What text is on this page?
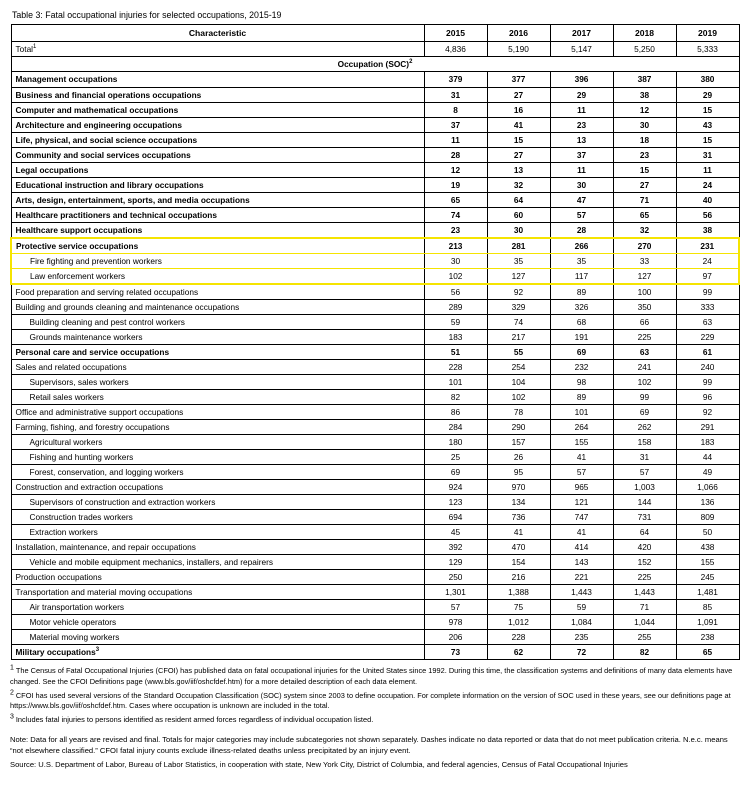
Table 3: Fatal occupational injuries for selected occupations, 2015-19
Characteristic	2015	2016	2017	2018	2019
Total$^1$	4,836	5,190	5,147	5,250	5,333
Occupation (SOC)$^2$
Management occupations	379	377	396	387	380
Business and financial operations occupations	31	27	29	38	29
Computer and mathematical occupations	8	16	11	12	15
Architecture and engineering occupations	37	41	23	30	43
Life, physical, and social science occupations	11	15	13	18	15
Community and social services occupations	28	27	37	23	31
Legal occupations	12	13	11	15	11
Educational instruction and library occupations	19	32	30	27	24
Arts, design, entertainment, sports, and media occupations	65	64	47	71	40
Healthcare practitioners and technical occupations	74	60	57	65	56
Healthcare support occupations	23	30	28	32	38
Protective service occupations	213	281	266	270	231
Fire fighting and prevention workers	30	35	35	33	24
Law enforcement workers	102	127	117	127	97
Food preparation and serving related occupations	56	92	89	100	99
Building and grounds cleaning and maintenance occupations	289	329	326	350	333
Building cleaning and pest control workers	59	74	68	66	63
Grounds maintenance workers	183	217	191	225	229
Personal care and service occupations	51	55	69	63	61
Sales and related occupations	228	254	232	241	240
Supervisors, sales workers	101	104	98	102	99
Retail sales workers	82	102	89	99	96
Office and administrative support occupations	86	78	101	69	92
Farming, fishing, and forestry occupations	284	290	264	262	291
Agricultural workers	180	157	155	158	183
Fishing and hunting workers	25	26	41	31	44
Forest, conservation, and logging workers	69	95	57	57	49
Construction and extraction occupations	924	970	965	1,003	1,066
Supervisors of construction and extraction workers	123	134	121	144	136
Construction trades workers	694	736	747	731	809
Extraction workers	45	41	41	64	50
Installation, maintenance, and repair occupations	392	470	414	420	438
Vehicle and mobile equipment mechanics, installers, and repairers	129	154	143	152	155
Production occupations	250	216	221	225	245
Transportation and material moving occupations	1,301	1,388	1,443	1,443	1,481
Air transportation workers	57	75	59	71	85
Motor vehicle operators	978	1,012	1,084	1,044	1,091
Material moving workers	206	228	235	255	238
Military occupations$^3$	73	62	72	82	65

1 The Census of Fatal Occupational Injuries (CFOI) has published data on fatal occupational injuries for the United States since 1992. During this time, the classification systems and definitions of many data elements have changed. See the CFOI Definitions page (www.bls.gov/iif/oshcfdef.htm) for a more detailed description of each data element.

2 CFOI has used several versions of the Standard Occupation Classification (SOC) system since 2003 to define occupation. For complete information on the version of SOC used in these years, see our definitions page at https://www.bls.gov/iif/oshcfdef.htm. Cases where occupation is unknown are included in the total.

3 Includes fatal injuries to persons identified as resident armed forces regardless of individual occupation listed.

Note: Data for all years are revised and final. Totals for major categories may include subcategories not shown separately. Dashes indicate no data reported or data that do not meet publication criteria. N.e.c. means “not elsewhere classified.” CFOI fatal injury counts exclude illness-related deaths unless precipitated by an injury event.

Source: U.S. Department of Labor, Bureau of Labor Statistics, in cooperation with state, New York City, District of Columbia, and federal agencies, Census of Fatal Occupational Injuries
